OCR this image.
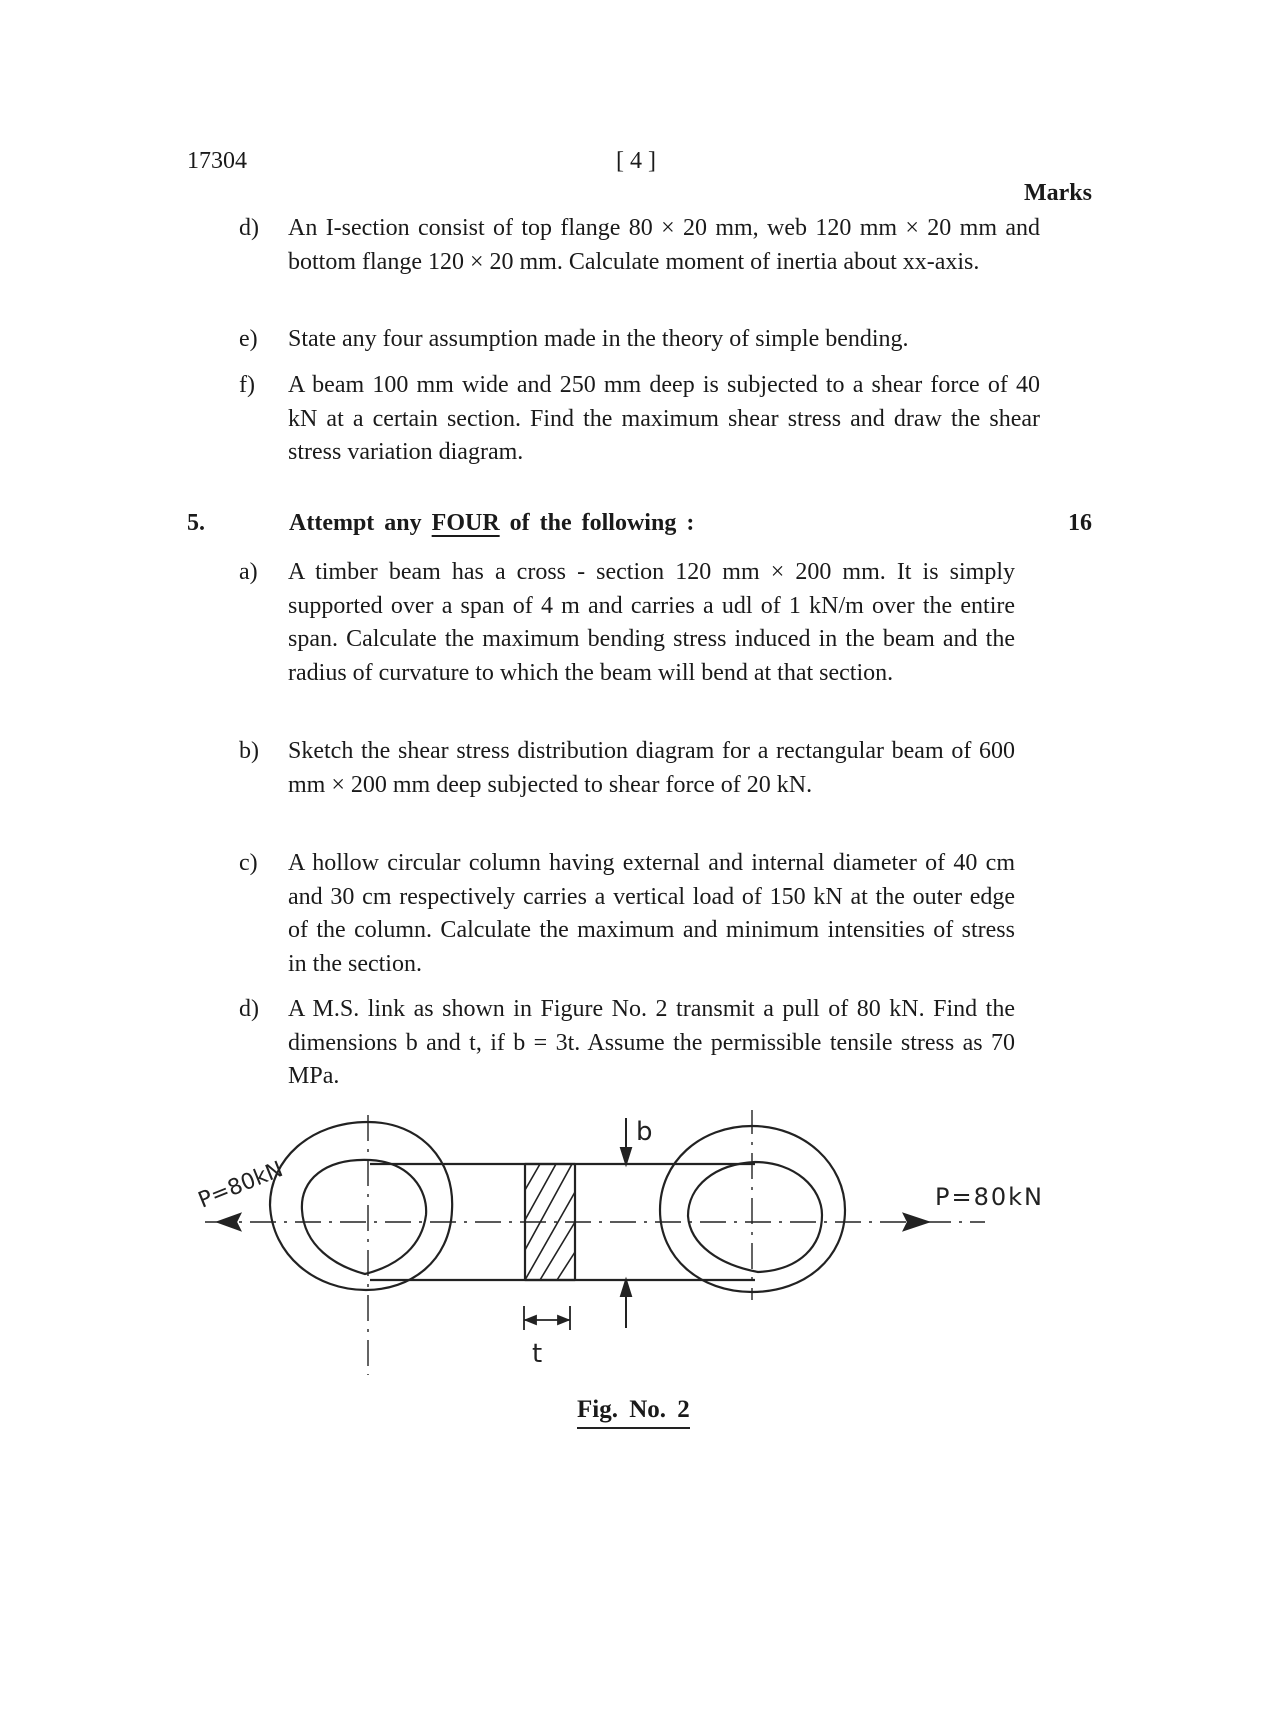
17304	[ 4 ]
Marks
d) An I-section consist of top flange 80 × 20 mm, web 120 mm × 20 mm and bottom flange 120 × 20 mm. Calculate moment of inertia about xx-axis.
e) State any four assumption made in the theory of simple bending.
f) A beam 100 mm wide and 250 mm deep is subjected to a shear force of 40 kN at a certain section. Find the maximum shear stress and draw the shear stress variation diagram.
5.	Attempt any FOUR of the following :	16
a) A timber beam has a cross - section 120 mm × 200 mm. It is simply supported over a span of 4 m and carries a udl of 1 kN/m over the entire span. Calculate the maximum bending stress induced in the beam and the radius of curvature to which the beam will bend at that section.
b) Sketch the shear stress distribution diagram for a rectangular beam of 600 mm × 200 mm deep subjected to shear force of 20 kN.
c) A hollow circular column having external and internal diameter of 40 cm and 30 cm respectively carries a vertical load of 150 kN at the outer edge of the column. Calculate the maximum and minimum intensities of stress in the section.
d) A M.S. link as shown in Figure No. 2 transmit a pull of 80 kN. Find the dimensions b and t, if b = 3t. Assume the permissible tensile stress as 70 MPa.
P=80kN	P=80kN
b
t
Fig. No. 2
